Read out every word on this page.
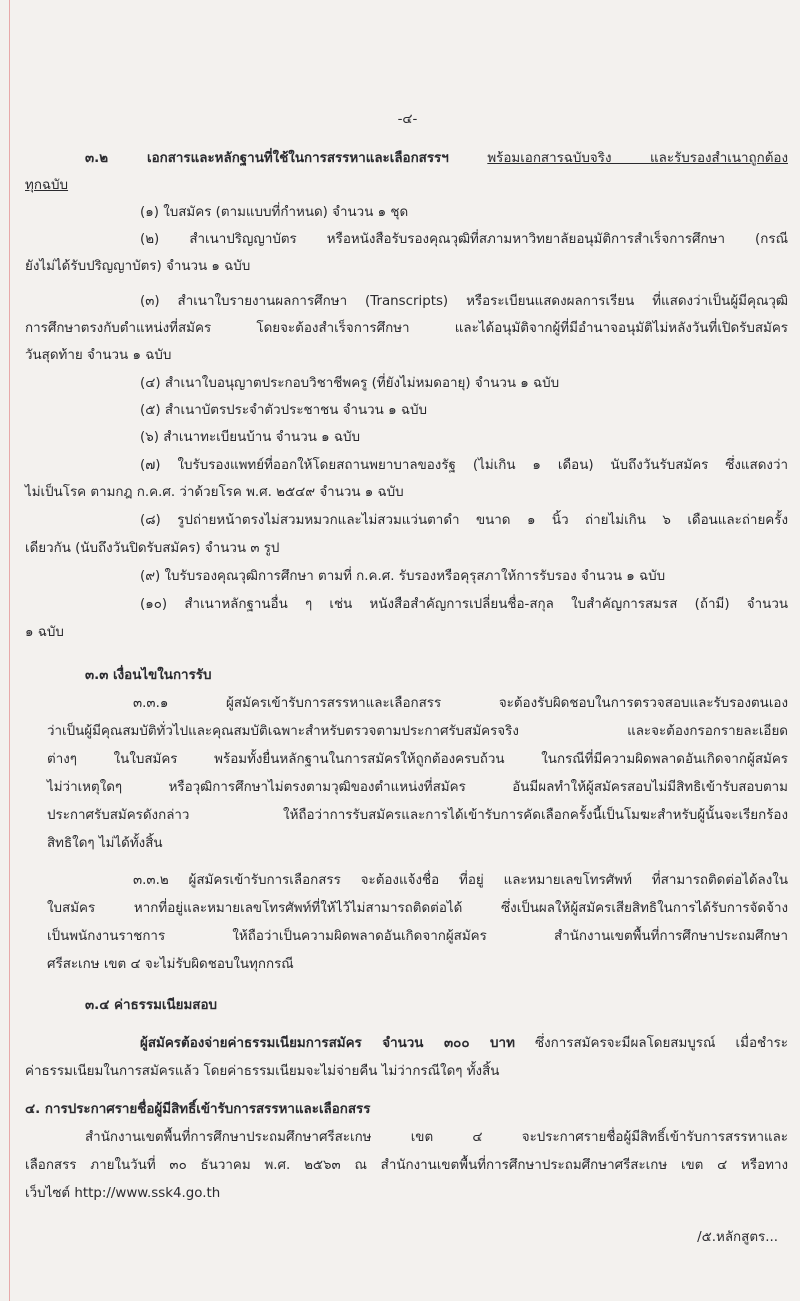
-๔-
๓.๒ เอกสารและหลักฐานที่ใช้ในการสรรหาและเลือกสรรฯ	พร้อมเอกสารฉบับจริง และรับรองสำเนาถูกต้อง
ทุกฉบับ
(๑) ใบสมัคร (ตามแบบที่กำหนด) จำนวน ๑ ชุด
(๒) สำเนาปริญญาบัตร หรือหนังสือรับรองคุณวุฒิที่สภามหาวิทยาลัยอนุมัติการสำเร็จการศึกษา (กรณี
ยังไม่ได้รับปริญญาบัตร) จำนวน ๑ ฉบับ
(๓) สำเนาใบรายงานผลการศึกษา (Transcripts) หรือระเบียนแสดงผลการเรียน ที่แสดงว่าเป็นผู้มีคุณวุฒิ
การศึกษาตรงกับตำแหน่งที่สมัคร โดยจะต้องสำเร็จการศึกษา และได้อนุมัติจากผู้ที่มีอำนาจอนุมัติไม่หลังวันที่เปิดรับสมัคร
วันสุดท้าย จำนวน ๑ ฉบับ
(๔) สำเนาใบอนุญาตประกอบวิชาชีพครู (ที่ยังไม่หมดอายุ) จำนวน ๑ ฉบับ
(๕) สำเนาบัตรประจำตัวประชาชน จำนวน ๑ ฉบับ
(๖) สำเนาทะเบียนบ้าน จำนวน ๑ ฉบับ
(๗) ใบรับรองแพทย์ที่ออกให้โดยสถานพยาบาลของรัฐ (ไม่เกิน ๑ เดือน) นับถึงวันรับสมัคร ซึ่งแสดงว่า
ไม่เป็นโรค ตามกฎ ก.ค.ศ. ว่าด้วยโรค พ.ศ. ๒๕๔๙ จำนวน ๑ ฉบับ
(๘) รูปถ่ายหน้าตรงไม่สวมหมวกและไม่สวมแว่นตาดำ ขนาด ๑ นิ้ว ถ่ายไม่เกิน ๖ เดือนและถ่ายครั้ง
เดียวกัน (นับถึงวันปิดรับสมัคร) จำนวน ๓ รูป
(๙) ใบรับรองคุณวุฒิการศึกษา ตามที่ ก.ค.ศ. รับรองหรือคุรุสภาให้การรับรอง จำนวน ๑ ฉบับ
(๑๐) สำเนาหลักฐานอื่น ๆ เช่น หนังสือสำคัญการเปลี่ยนชื่อ-สกุล ใบสำคัญการสมรส (ถ้ามี) จำนวน
๑ ฉบับ
๓.๓ เงื่อนไขในการรับ
๓.๓.๑ ผู้สมัครเข้ารับการสรรหาและเลือกสรร จะต้องรับผิดชอบในการตรวจสอบและรับรองตนเอง
ว่าเป็นผู้มีคุณสมบัติทั่วไปและคุณสมบัติเฉพาะสำหรับตรวจตามประกาศรับสมัครจริง และจะต้องกรอกรายละเอียด
ต่างๆ ในใบสมัคร พร้อมทั้งยื่นหลักฐานในการสมัครให้ถูกต้องครบถ้วน ในกรณีที่มีความผิดพลาดอันเกิดจากผู้สมัคร
ไม่ว่าเหตุใดๆ หรือวุฒิการศึกษาไม่ตรงตามวุฒิของตำแหน่งที่สมัคร อันมีผลทำให้ผู้สมัครสอบไม่มีสิทธิเข้ารับสอบตาม
ประกาศรับสมัครดังกล่าว ให้ถือว่าการรับสมัครและการได้เข้ารับการคัดเลือกครั้งนี้เป็นโมฆะสำหรับผู้นั้นจะเรียกร้อง
สิทธิใดๆ ไม่ได้ทั้งสิ้น
๓.๓.๒ ผู้สมัครเข้ารับการเลือกสรร จะต้องแจ้งชื่อ ที่อยู่ และหมายเลขโทรศัพท์ ที่สามารถติดต่อได้ลงใน
ใบสมัคร หากที่อยู่และหมายเลขโทรศัพท์ที่ให้ไว้ไม่สามารถติดต่อได้ ซึ่งเป็นผลให้ผู้สมัครเสียสิทธิในการได้รับการจัดจ้าง
เป็นพนักงานราชการ ให้ถือว่าเป็นความผิดพลาดอันเกิดจากผู้สมัคร สำนักงานเขตพื้นที่การศึกษาประถมศึกษา
ศรีสะเกษ เขต ๔ จะไม่รับผิดชอบในทุกกรณี
๓.๔ ค่าธรรมเนียมสอบ
ผู้สมัครต้องจ่ายค่าธรรมเนียมการสมัคร จำนวน ๓๐๐ บาท ซึ่งการสมัครจะมีผลโดยสมบูรณ์ เมื่อชำระ
ค่าธรรมเนียมในการสมัครแล้ว โดยค่าธรรมเนียมจะไม่จ่ายคืน ไม่ว่ากรณีใดๆ ทั้งสิ้น
๔. การประกาศรายชื่อผู้มีสิทธิ์เข้ารับการสรรหาและเลือกสรร
สำนักงานเขตพื้นที่การศึกษาประถมศึกษาศรีสะเกษ เขต ๔ จะประกาศรายชื่อผู้มีสิทธิ์เข้ารับการสรรหาและ
เลือกสรร ภายในวันที่ ๓๐ ธันวาคม พ.ศ. ๒๕๖๓ ณ สำนักงานเขตพื้นที่การศึกษาประถมศึกษาศรีสะเกษ เขต ๔ หรือทาง
เว็บไซต์ http://www.ssk4.go.th
/๕.หลักสูตร...
